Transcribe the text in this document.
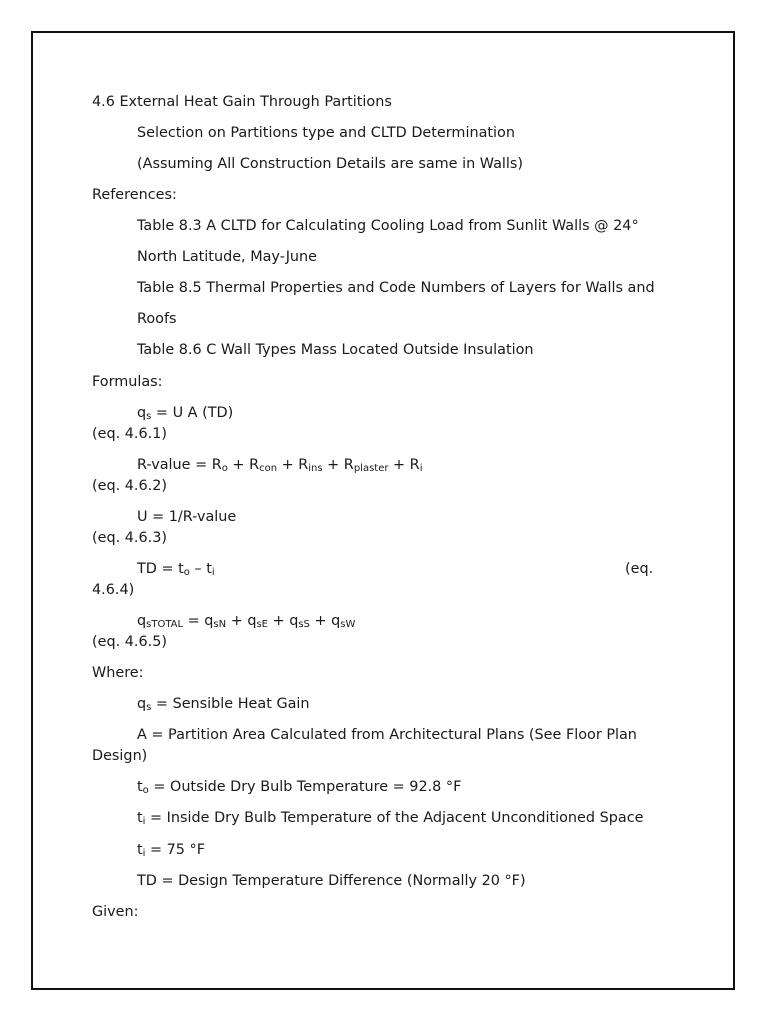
4.6 External Heat Gain Through Partitions
Selection on Partitions type and CLTD Determination
(Assuming All Construction Details are same in Walls)
References:
Table 8.3 A CLTD for Calculating Cooling Load from Sunlit Walls @ 24°
North Latitude, May-June
Table 8.5 Thermal Properties and Code Numbers of Layers for Walls and
Roofs
Table 8.6 C Wall Types Mass Located Outside Insulation
Formulas:
$q_s = U$ A (TD)
(eq. 4.6.1)
R-value = $R_o + R_{con} + R_{ins} + R_{plaster} + R_i$
(eq. 4.6.2)
U = 1/R-value
(eq. 4.6.3)
TD = $t_o - t_i$	(eq.
4.6.4)
$q_{sTOTAL} = q_{sN} + q_{sE} + q_{sS} + q_{sW}$
(eq. 4.6.5)
Where:
$q_s$ = Sensible Heat Gain
A = Partition Area Calculated from Architectural Plans (See Floor Plan Design)
$t_o$ = Outside Dry Bulb Temperature = 92.8 °F
$t_i$ = Inside Dry Bulb Temperature of the Adjacent Unconditioned Space
$t_i = 75$ °F
TD = Design Temperature Difference (Normally 20 °F)
Given:
